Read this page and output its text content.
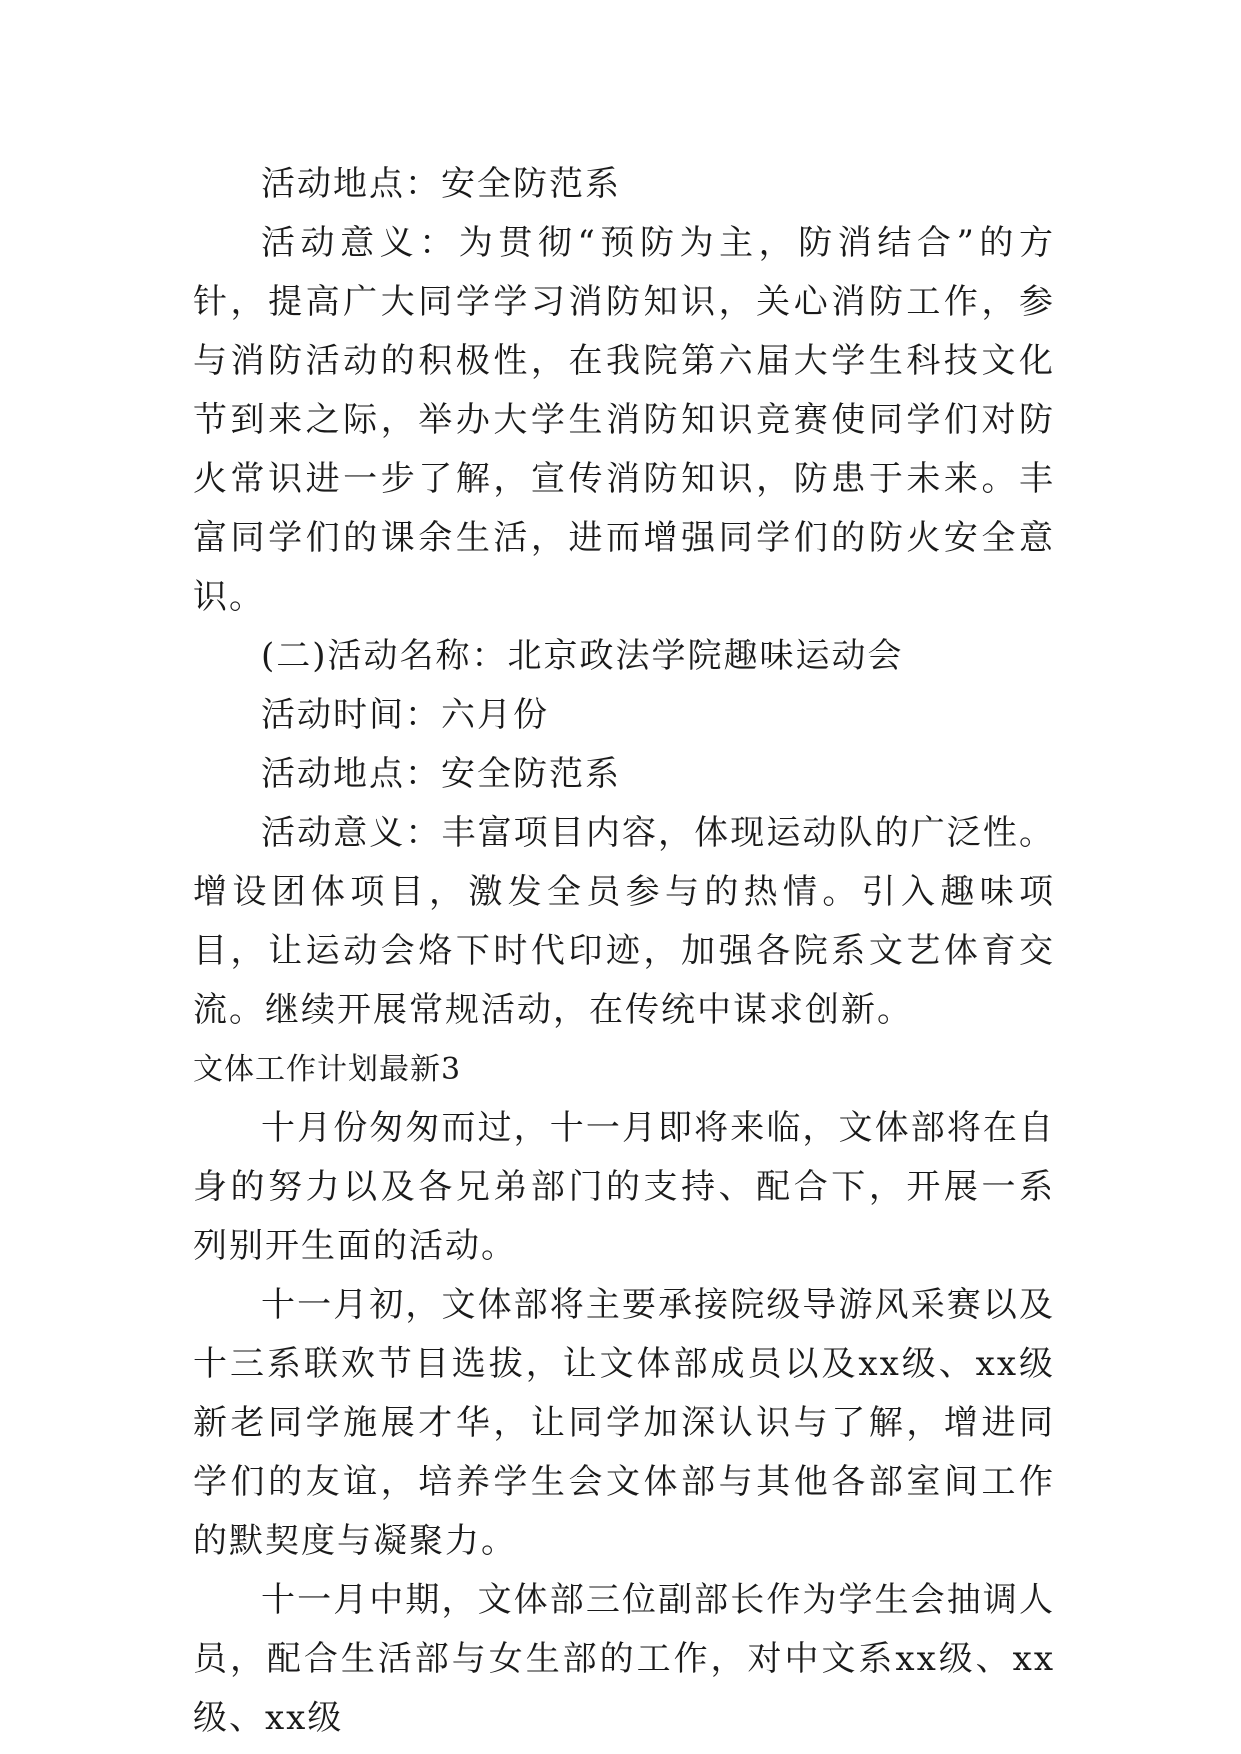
活动地点：安全防范系

活动意义：为贯彻“预防为主，防消结合”的方针，提高广大同学学习消防知识，关心消防工作，参与消防活动的积极性，在我院第六届大学生科技文化节到来之际，举办大学生消防知识竞赛使同学们对防火常识进一步了解，宣传消防知识，防患于未来。丰富同学们的课余生活，进而增强同学们的防火安全意识。

(二)活动名称：北京政法学院趣味运动会

活动时间：六月份

活动地点：安全防范系

活动意义：丰富项目内容，体现运动队的广泛性。增设团体项目，激发全员参与的热情。引入趣味项目，让运动会烙下时代印迹，加强各院系文艺体育交流。继续开展常规活动，在传统中谋求创新。

文体工作计划最新3

十月份匆匆而过，十一月即将来临，文体部将在自身的努力以及各兄弟部门的支持、配合下，开展一系列别开生面的活动。

十一月初，文体部将主要承接院级导游风采赛以及十三系联欢节目选拔，让文体部成员以及xx级、xx级新老同学施展才华，让同学加深认识与了解，增进同学们的友谊，培养学生会文体部与其他各部室间工作的默契度与凝聚力。

十一月中期，文体部三位副部长作为学生会抽调人员，配合生活部与女生部的工作，对中文系xx级、xx级、xx级
